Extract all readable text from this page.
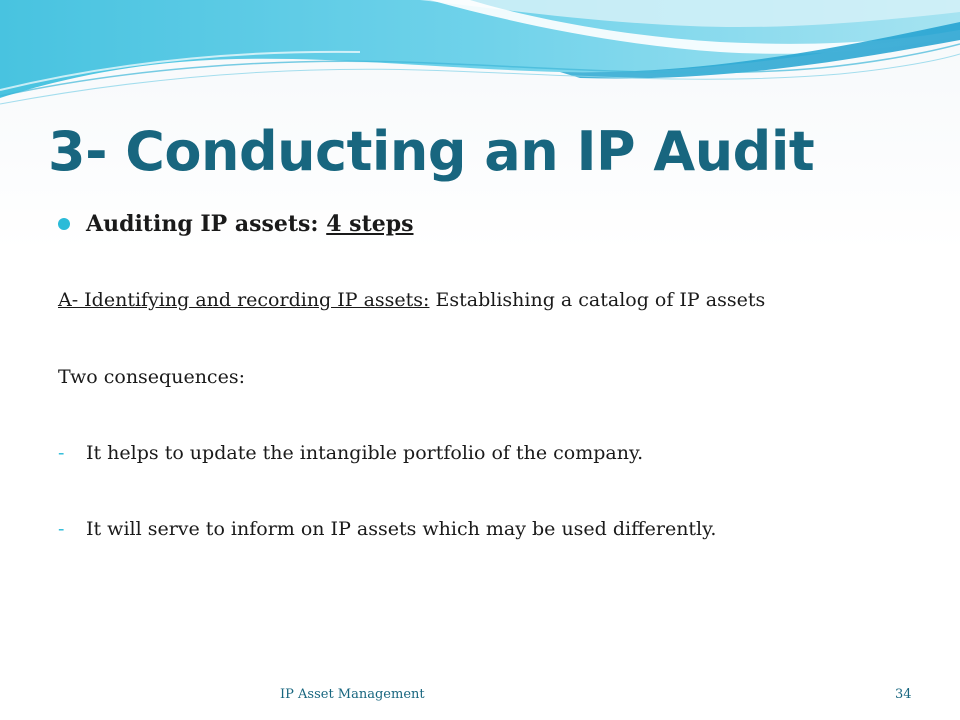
3- Conducting an IP Audit
Auditing IP assets: 4 steps
A- Identifying and recording IP assets: Establishing a catalog of IP assets
Two consequences:
-	It helps to update the intangible portfolio of the company.
-	It will serve to inform on IP assets which may be used differently.
IP Asset Management	34
